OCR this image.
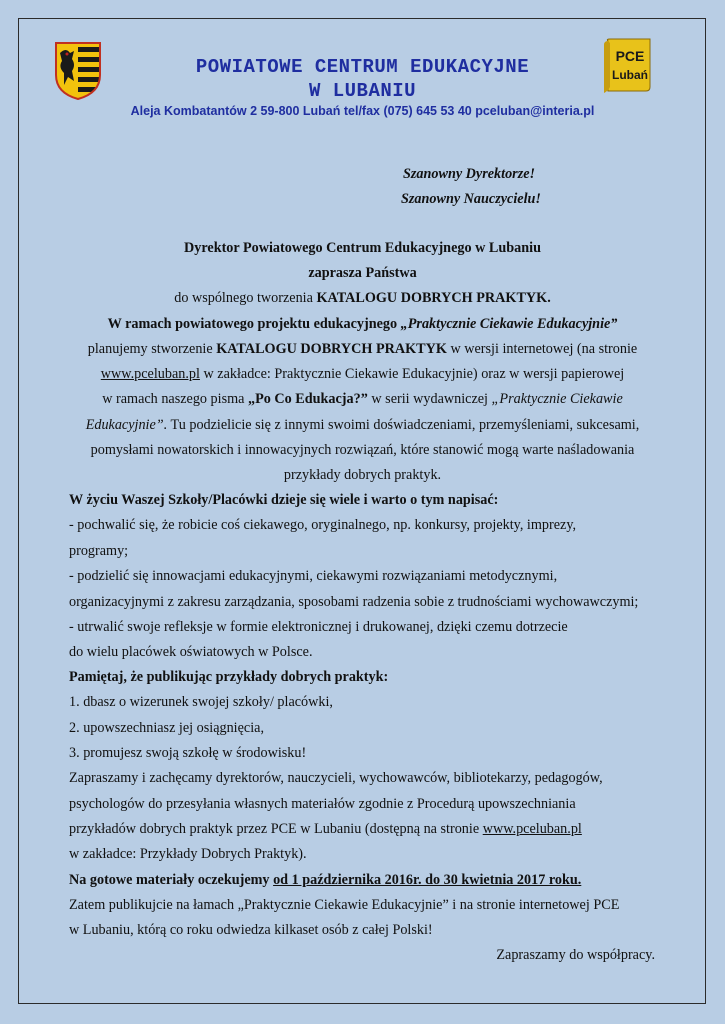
PCE
Lubań
POWIATOWE CENTRUM EDUKACYJNE
W LUBANIU
Aleja Kombatantów 2 59-800 Lubań tel/fax (075) 645 53 40 pceluban@interia.pl
Szanowny Dyrektorze!
Szanowny Nauczycielu!
Dyrektor Powiatowego Centrum Edukacyjnego w Lubaniu
zaprasza Państwa
do wspólnego tworzenia KATALOGU DOBRYCH PRAKTYK.
W ramach powiatowego projektu edukacyjnego „Praktycznie Ciekawie Edukacyjnie”
planujemy stworzenie KATALOGU DOBRYCH PRAKTYK w wersji internetowej (na stronie
www.pceluban.pl w zakładce: Praktycznie Ciekawie Edukacyjnie) oraz w wersji papierowej
w ramach naszego pisma „Po Co Edukacja?” w serii wydawniczej „Praktycznie Ciekawie
Edukacyjnie”. Tu podzielicie się z innymi swoimi doświadczeniami, przemyśleniami, sukcesami,
pomysłami nowatorskich i innowacyjnych rozwiązań, które stanowić mogą warte naśladowania
przykłady dobrych praktyk.
W życiu Waszej Szkoły/Placówki dzieje się wiele i warto o tym napisać:
- pochwalić się, że robicie coś ciekawego, oryginalnego, np. konkursy, projekty, imprezy,
programy;
- podzielić się innowacjami edukacyjnymi, ciekawymi rozwiązaniami metodycznymi,
organizacyjnymi z zakresu zarządzania, sposobami radzenia sobie z trudnościami wychowawczymi;
- utrwalić swoje refleksje w formie elektronicznej i drukowanej, dzięki czemu dotrzecie
do wielu placówek oświatowych w Polsce.
Pamiętaj, że publikując przykłady dobrych praktyk:
1. dbasz o wizerunek swojej szkoły/ placówki,
2. upowszechniasz jej osiągnięcia,
3. promujesz swoją szkołę w środowisku!
Zapraszamy i zachęcamy dyrektorów, nauczycieli, wychowawców, bibliotekarzy, pedagogów,
psychologów do przesyłania własnych materiałów zgodnie z Procedurą upowszechniania
przykładów dobrych praktyk przez PCE w Lubaniu (dostępną na stronie www.pceluban.pl
w zakładce: Przykłady Dobrych Praktyk).
Na gotowe materiały oczekujemy od 1 października 2016r. do 30 kwietnia 2017 roku.
Zatem publikujcie na łamach „Praktycznie Ciekawie Edukacyjnie” i na stronie internetowej PCE
w Lubaniu, którą co roku odwiedza kilkaset osób z całej Polski!
Zapraszamy do współpracy.
